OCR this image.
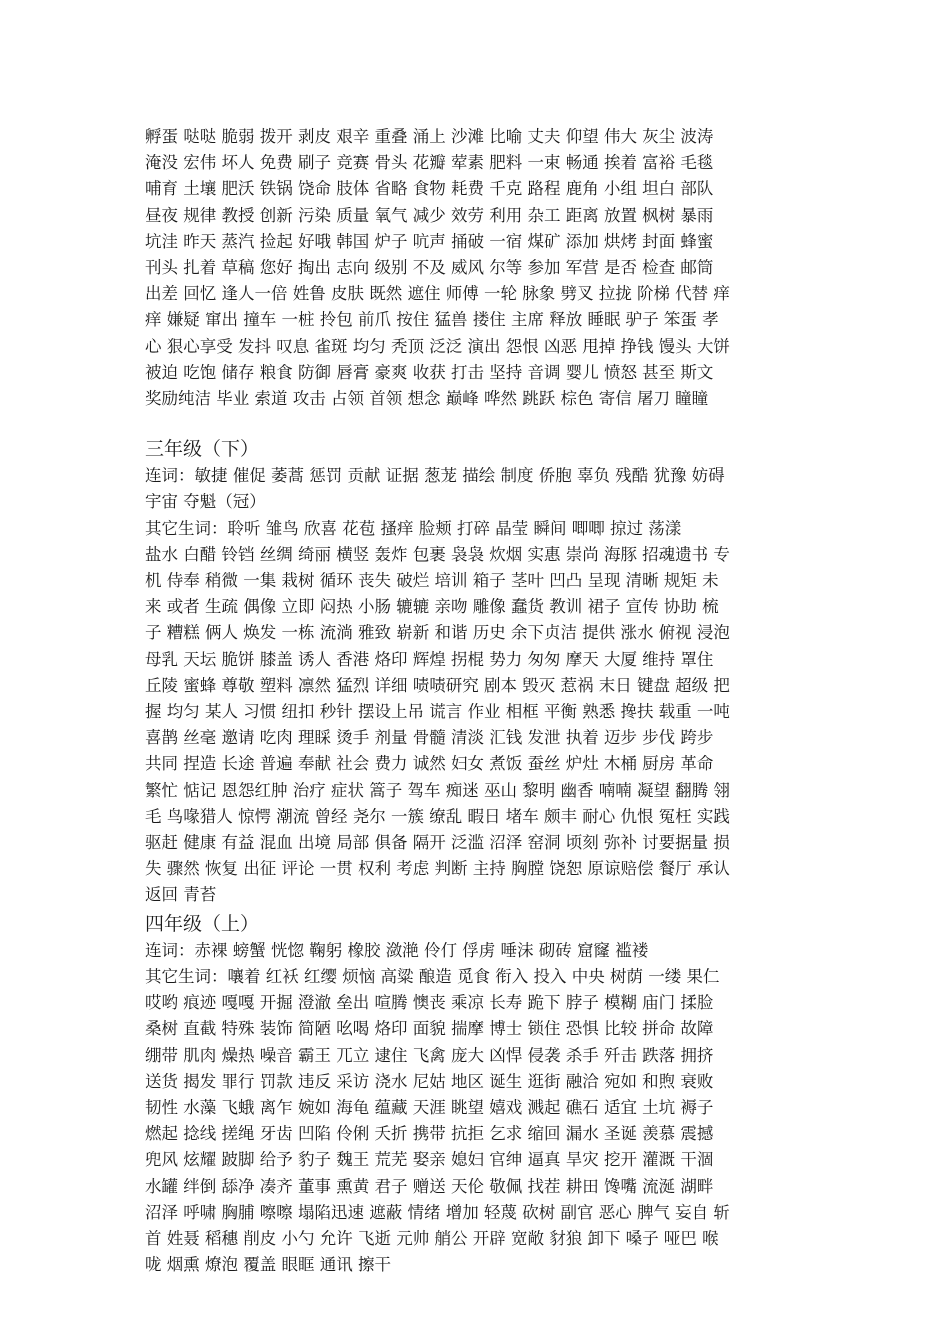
孵蛋 哒哒 脆弱 拨开 剥皮 艰辛 重叠 涌上 沙滩 比喻 丈夫 仰望 伟大 灰尘 波涛
淹没 宏伟 坏人 免费 刷子 竞赛 骨头 花瓣 荤素 肥料 一束 畅通 挨着 富裕 毛毯
哺育 土壤 肥沃 铁锅 饶命 肢体 省略 食物 耗费 千克 路程 鹿角 小组 坦白 部队
昼夜 规律 教授 创新 污染 质量 氧气 减少 效劳 利用 杂工 距离 放置 枫树 暴雨
坑洼 昨天 蒸汽 捡起 好哦 韩国 炉子 吭声 捅破 一宿 煤矿 添加 烘烤 封面 蜂蜜
刊头 扎着 草稿 您好 掏出 志向 级别 不及 威风 尔等 参加 军营 是否 检查 邮筒
出差 回忆 逢人一倍 姓鲁 皮肤 既然 遮住 师傅 一轮 脉象 劈叉 拉拢 阶梯 代替 痒
痒 嫌疑 窜出 撞车 一桩 拎包 前爪 按住 猛兽 搂住 主席 释放 睡眠 驴子 笨蛋 孝
心 狠心享受 发抖 叹息 雀斑 均匀 秃顶 泛泛 演出 怨恨 凶恶 甩掉 挣钱 馒头 大饼
被迫 吃饱 储存 粮食 防御 唇膏 豪爽 收获 打击 坚持 音调 婴儿 愤怒 甚至 斯文
奖励纯洁 毕业 索道 攻击 占领 首领 想念 巅峰 哗然 跳跃 棕色 寄信 屠刀 瞳瞳

三年级（下）

连词：敏捷 催促 萎蒿 惩罚 贡献 证据 葱茏 描绘 制度 侨胞 辜负 残酷 犹豫 妨碍
宇宙 夺魁（冠）
其它生词：聆听 雏鸟 欣喜 花苞 搔痒 脸颊 打碎 晶莹 瞬间 唧唧 掠过 荡漾
盐水 白醋 铃铛 丝绸 绮丽 横竖 轰炸 包裹 袅袅 炊烟 实惠 崇尚 海豚 招魂遗书 专
机 侍奉 稍微 一集 栽树 循环 丧失 破烂 培训 箱子 茎叶 凹凸 呈现 清晰 规矩 未
来 或者 生疏 偶像 立即 闷热 小肠 辘辘 亲吻 雕像 蠢货 教训 裙子 宣传 协助 梳
子 糟糕 俩人 焕发 一栋 流淌 雅致 崭新 和谐 历史 余下贞洁 提供 涨水 俯视 浸泡
母乳 天坛 脆饼 膝盖 诱人 香港 烙印 辉煌 拐棍 势力 匆匆 摩天 大厦 维持 罩住
丘陵 蜜蜂 尊敬 塑料 凛然 猛烈 详细 啧啧研究 剧本 毁灭 惹祸 末日 键盘 超级 把
握 均匀 某人 习惯 纽扣 秒针 摆设上吊 谎言 作业 相框 平衡 熟悉 搀扶 载重 一吨
喜鹊 丝毫 邀请 吃肉 理睬 烫手 剂量 骨髓 清淡 汇钱 发泄 执着 迈步 步伐 跨步
共同 捏造 长途 普遍 奉献 社会 费力 诚然 妇女 煮饭 蚕丝 炉灶 木桶 厨房 革命
繁忙 惦记 恩怨红肿 治疗 症状 篙子 驾车 痴迷 巫山 黎明 幽香 喃喃 凝望 翻腾 翎
毛 鸟喙猎人 惊愕 潮流 曾经 尧尔 一簇 缭乱 暇日 堵车 颇丰 耐心 仇恨 冤枉 实践
驱赶 健康 有益 混血 出境 局部 俱备 隔开 泛滥 沼泽 窑洞 顷刻 弥补 讨要据量 损
失 骤然 恢复 出征 评论 一贯 权利 考虑 判断 主持 胸膛 饶恕 原谅赔偿 餐厅 承认
返回 青苔

四年级（上）

连词：赤裸 螃蟹 恍惚 鞠躬 橡胶 潋滟 伶仃 俘虏 唾沫 砌砖 窟窿 褴褛
其它生词：嚷着 红袄 红缨 烦恼 高粱 酿造 觅食 衔入 投入 中央 树荫 一缕 果仁
哎哟 痕迹 嘎嘎 开掘 澄澈 垒出 喧腾 懊丧 乘凉 长寿 跪下 脖子 模糊 庙门 揉脸
桑树 直截 特殊 装饰 简陋 吆喝 烙印 面貌 揣摩 博士 锁住 恐惧 比较 拼命 故障
绷带 肌肉 燥热 噪音 霸王 兀立 逮住 飞禽 庞大 凶悍 侵袭 杀手 歼击 跌落 拥挤
送货 揭发 罪行 罚款 违反 采访 浇水 尼姑 地区 诞生 逛街 融洽 宛如 和煦 衰败
韧性 水藻 飞蛾 离乍 婉如 海龟 蕴藏 天涯 眺望 嬉戏 溅起 礁石 适宜 土坑 褥子
燃起 捻线 搓绳 牙齿 凹陷 伶俐 夭折 携带 抗拒 乞求 缩回 漏水 圣诞 羡慕 震撼
兜风 炫耀 跛脚 给予 豹子 魏王 荒芜 娶亲 媳妇 官绅 逼真 旱灾 挖开 灌溉 干涸
水罐 绊倒 舔净 凑齐 董事 熏黄 君子 赠送 天伦 敬佩 找茬 耕田 馋嘴 流涎 湖畔
沼泽 呼啸 胸脯 嚓嚓 塌陷迅速 遮蔽 情绪 增加 轻蔑 砍树 副官 恶心 脾气 妄自 斩
首 姓聂 稻穗 削皮 小勺 允许 飞逝 元帅 艄公 开辟 宽敞 豺狼 卸下 嗓子 哑巴 喉
咙 烟熏 燎泡 覆盖 眼眶 通讯 擦干
